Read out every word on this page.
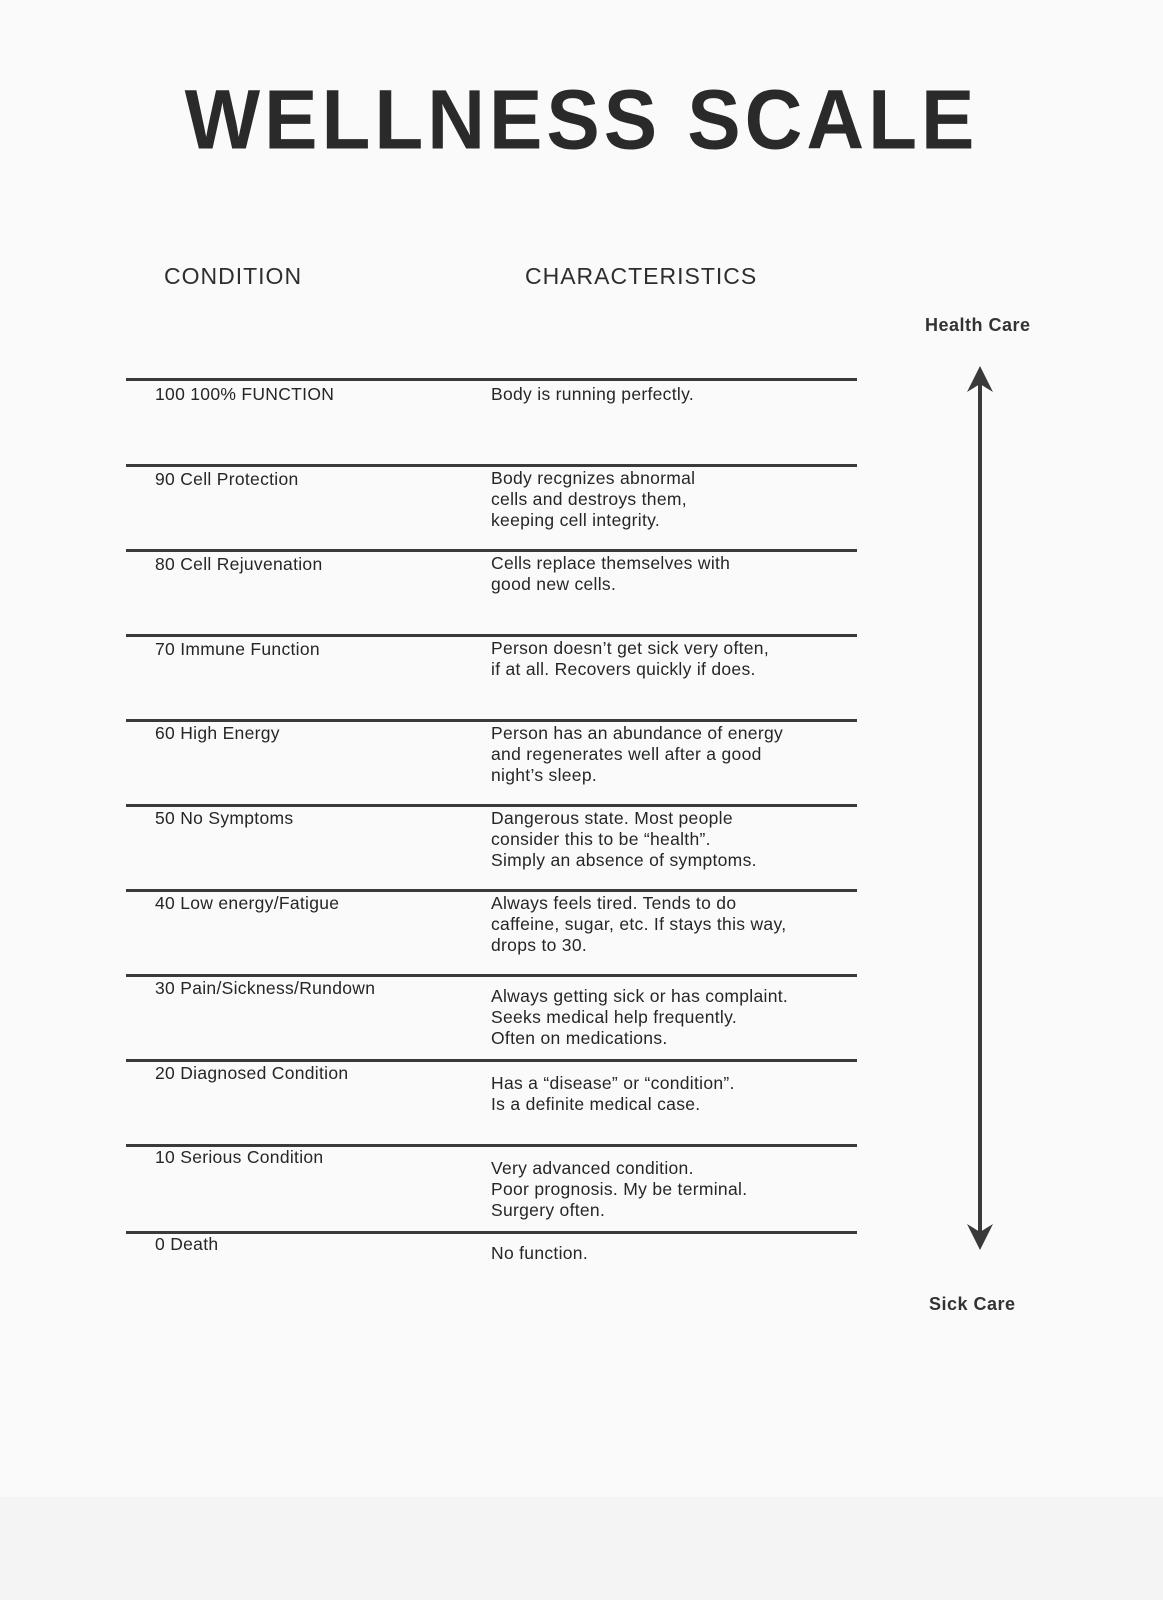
WELLNESS SCALE
CONDITION	CHARACTERISTICS
Health Care
Sick Care
100 100% FUNCTION	Body is running perfectly.
90 Cell Protection	Body recgnizes abnormal
cells and destroys them,
keeping cell integrity.
80 Cell Rejuvenation	Cells replace themselves with
good new cells.
70 Immune Function	Person doesn’t get sick very often,
if at all. Recovers quickly if does.
60 High Energy	Person has an abundance of energy
and regenerates well after a good
night’s sleep.
50 No Symptoms	Dangerous state. Most people
consider this to be “health”.
Simply an absence of symptoms.
40 Low energy/Fatigue	Always feels tired. Tends to do
caffeine, sugar, etc. If stays this way,
drops to 30.
30 Pain/Sickness/Rundown	Always getting sick or has complaint.
Seeks medical help frequently.
Often on medications.
20 Diagnosed Condition	Has a “disease” or “condition”.
Is a definite medical case.
10 Serious Condition
Very advanced condition.
Poor prognosis. My be terminal.
Surgery often.
0 Death	No function.
